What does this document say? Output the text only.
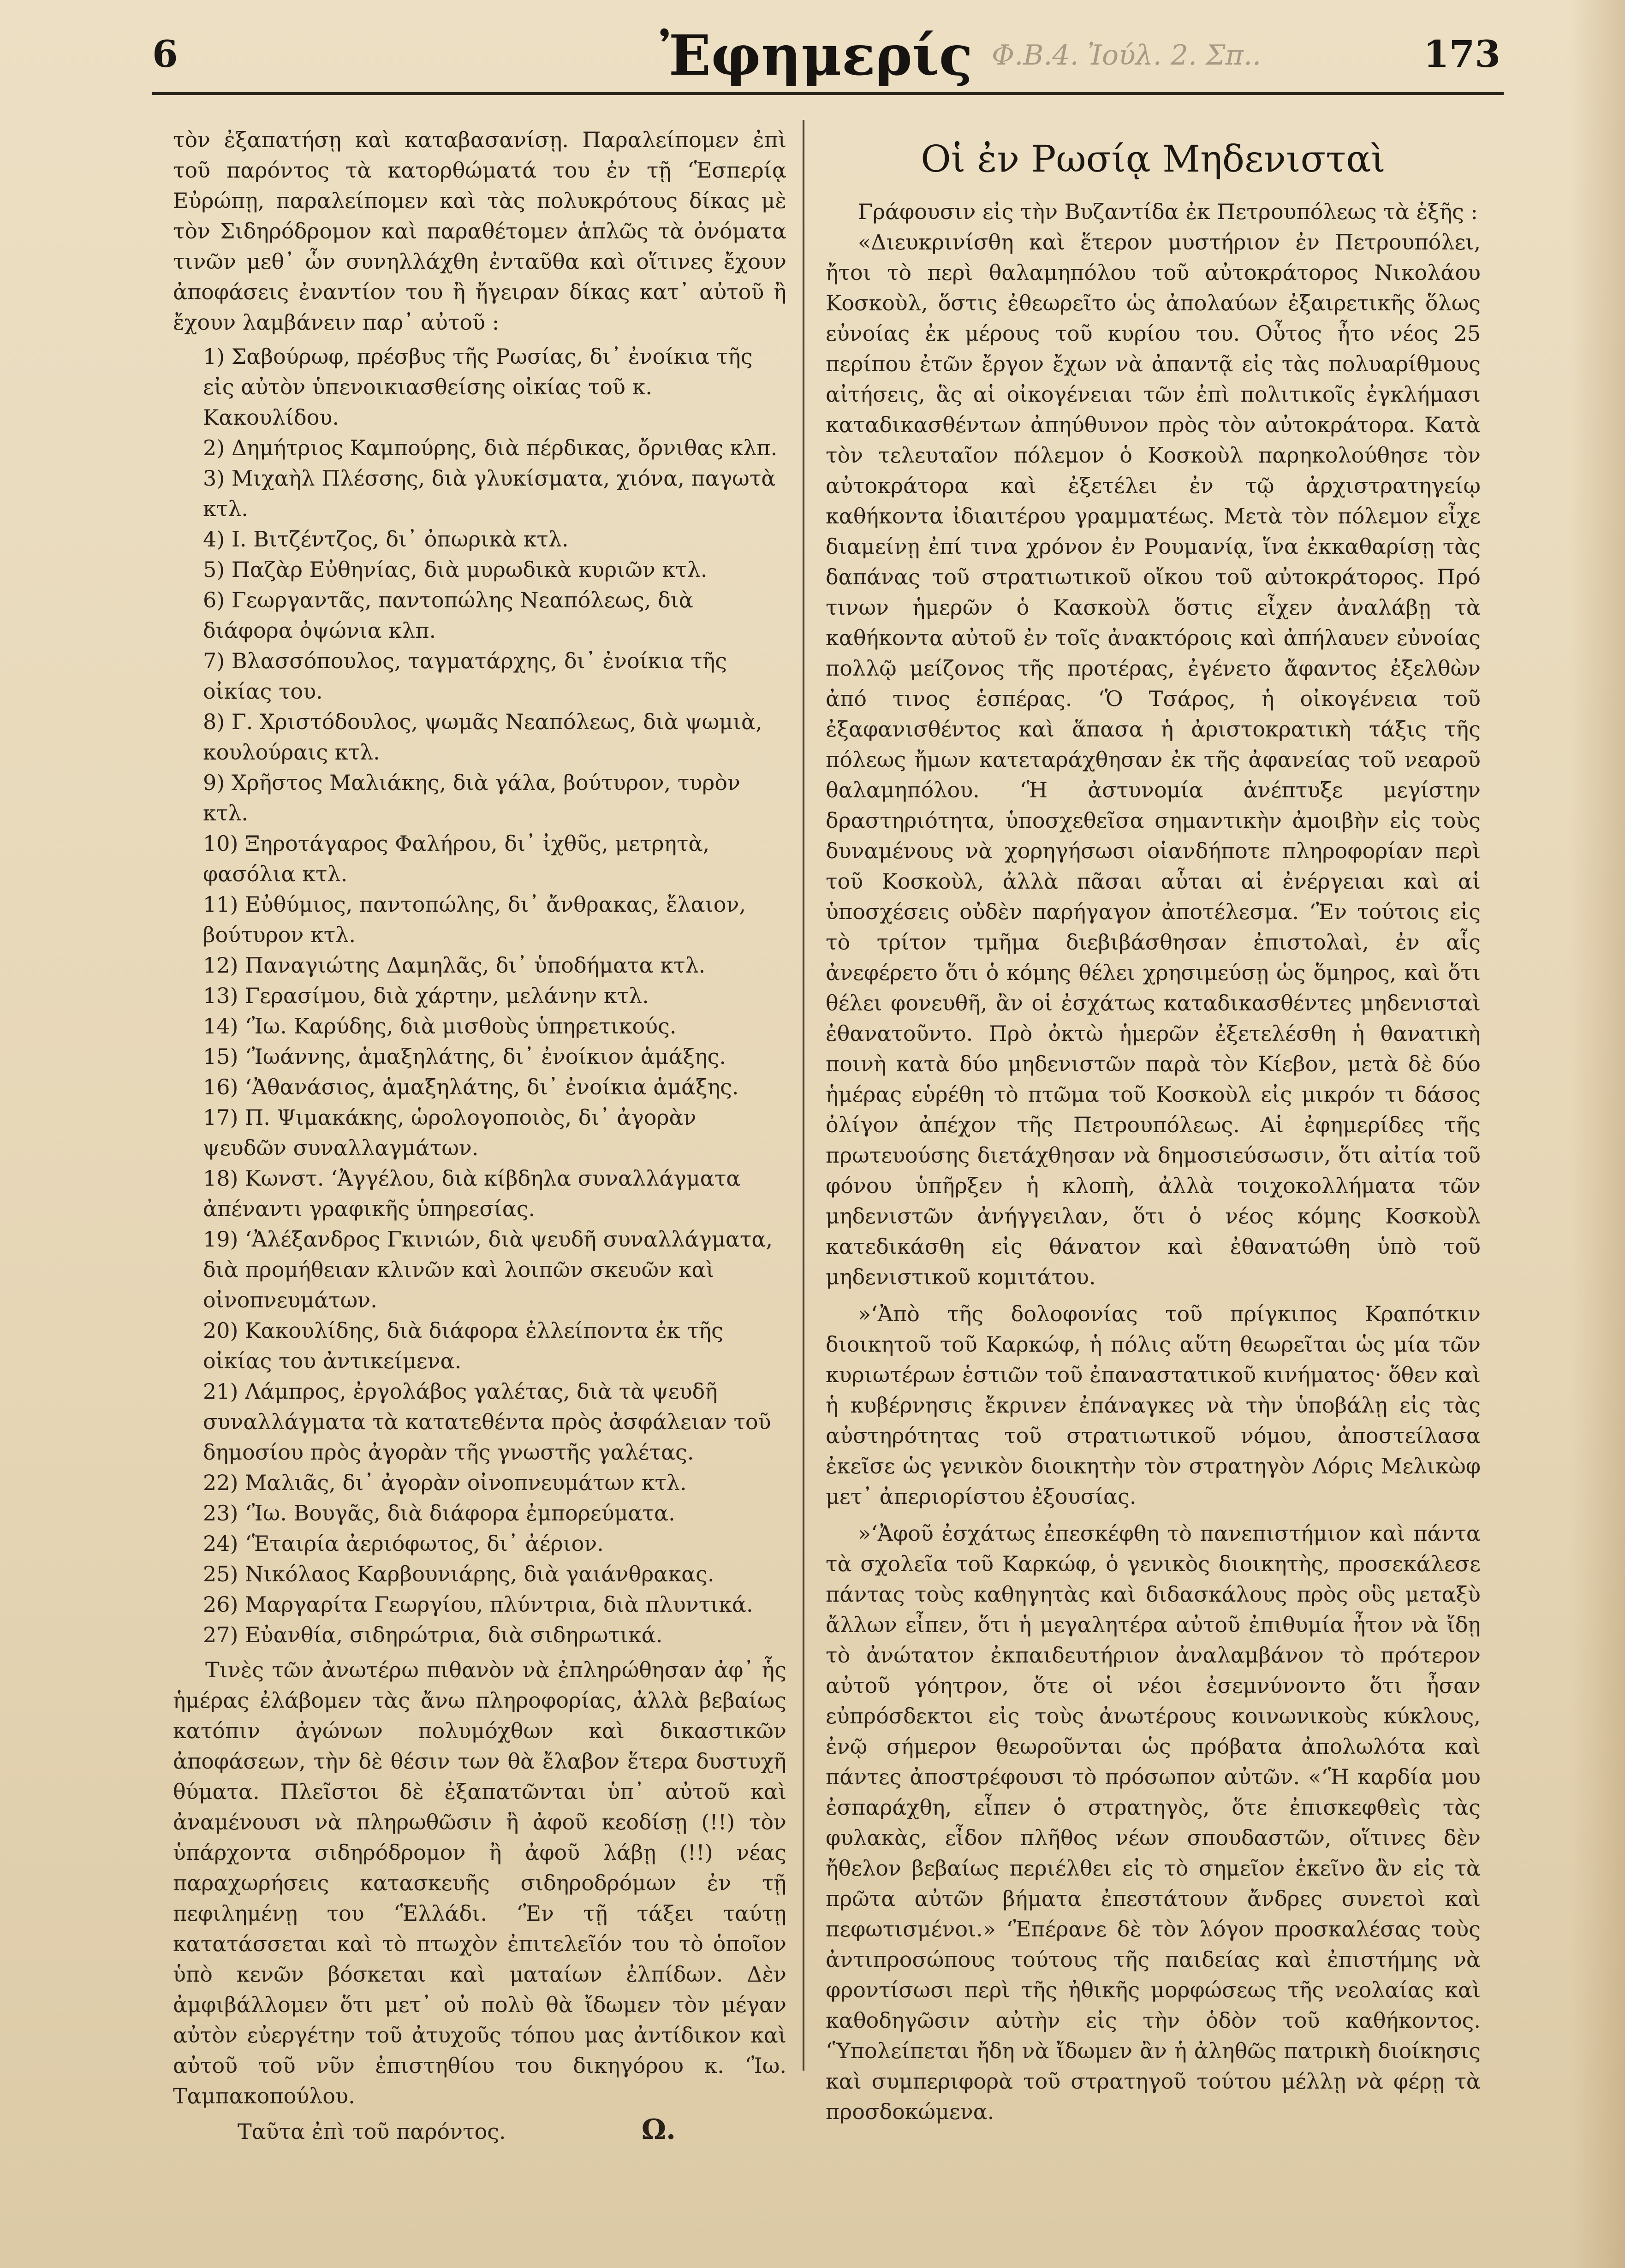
6	Ἐφημερίς Φ.Β.4. Ἰούλ. 2. Σπ..	173

τὸν ἐξαπατήσῃ καὶ καταβασανίσῃ. Παραλείπομεν ἐπὶ τοῦ παρόντος τὰ κατορθώματά του ἐν τῇ ‘Ἑσπερίᾳ Εὐρώπῃ, παραλείπομεν καὶ τὰς πολυκρότους δίκας μὲ τὸν Σιδηρόδρομον καὶ παραθέτομεν ἁπλῶς τὰ ὀνόματα τινῶν μεθ᾽ ὧν συνηλλάχθη ἐνταῦθα καὶ οἵτινες ἔχουν ἀποφάσεις ἐναντίον του ἢ ἤγειραν δίκας κατ᾽ αὐτοῦ ἢ ἔχουν λαμβάνειν παρ᾽ αὐτοῦ :

1) Σαβούρωφ, πρέσβυς τῆς Ρωσίας, δι᾽ ἐνοίκια τῆς εἰς αὐτὸν ὑπενοικιασθείσης οἰκίας τοῦ κ. Κακουλίδου.
2) Δημήτριος Καμπούρης, διὰ πέρδικας, ὄρνιθας κλπ.
3) Μιχαὴλ Πλέσσης, διὰ γλυκίσματα, χιόνα, παγωτὰ κτλ.
4) Ι. Βιτζέντζος, δι᾽ ὀπωρικὰ κτλ.
5) Παζὰρ Εὐθηνίας, διὰ μυρωδικὰ κυριῶν κτλ.
6) Γεωργαντᾶς, παντοπώλης Νεαπόλεως, διὰ διάφορα ὀψώνια κλπ.
7) Βλασσόπουλος, ταγματάρχης, δι᾽ ἐνοίκια τῆς οἰκίας του.
8) Γ. Χριστόδουλος, ψωμᾶς Νεαπόλεως, διὰ ψωμιὰ, κουλούραις κτλ.
9) Χρῆστος Μαλιάκης, διὰ γάλα, βούτυρον, τυρὸν κτλ.
10) Ξηροτάγαρος Φαλήρου, δι᾽ ἰχθῦς, μετρητὰ, φασόλια κτλ.
11) Εὐθύμιος, παντοπώλης, δι᾽ ἄνθρακας, ἔλαιον, βούτυρον κτλ.
12) Παναγιώτης Δαμηλᾶς, δι᾽ ὑποδήματα κτλ.
13) Γερασίμου, διὰ χάρτην, μελάνην κτλ.
14) ‘Ἰω. Καρύδης, διὰ μισθοὺς ὑπηρετικούς.
15) ‘Ἰωάννης, ἁμαξηλάτης, δι᾽ ἐνοίκιον ἁμάξης.
16) ‘Ἀθανάσιος, ἁμαξηλάτης, δι᾽ ἐνοίκια ἁμάξης.
17) Π. Ψιμακάκης, ὡρολογοποιὸς, δι᾽ ἀγορὰν ψευδῶν συναλλαγμάτων.
18) Κωνστ. ‘Ἀγγέλου, διὰ κίβδηλα συναλλάγματα ἀπέναντι γραφικῆς ὑπηρεσίας.
19) ‘Ἀλέξανδρος Γκινιών, διὰ ψευδῆ συναλλάγματα, διὰ προμήθειαν κλινῶν καὶ λοιπῶν σκευῶν καὶ οἰνοπνευμάτων.
20) Κακουλίδης, διὰ διάφορα ἐλλείποντα ἐκ τῆς οἰκίας του ἀντικείμενα.
21) Λάμπρος, ἐργολάβος γαλέτας, διὰ τὰ ψευδῆ συναλλάγματα τὰ κατατεθέντα πρὸς ἀσφάλειαν τοῦ δημοσίου πρὸς ἀγορὰν τῆς γνωστῆς γαλέτας.
22) Μαλιᾶς, δι᾽ ἀγορὰν οἰνοπνευμάτων κτλ.
23) ‘Ἰω. Βουγᾶς, διὰ διάφορα ἐμπορεύματα.
24) ‘Ἑταιρία ἀεριόφωτος, δι᾽ ἀέριον.
25) Νικόλαος Καρβουνιάρης, διὰ γαιάνθρακας.
26) Μαργαρίτα Γεωργίου, πλύντρια, διὰ πλυντικά.
27) Εὐανθία, σιδηρώτρια, διὰ σιδηρωτικά.

Τινὲς τῶν ἀνωτέρω πιθανὸν νὰ ἐπληρώθησαν ἀφ᾽ ἧς ἡμέρας ἐλάβομεν τὰς ἄνω πληροφορίας, ἀλλὰ βεβαίως κατόπιν ἀγώνων πολυμόχθων καὶ δικαστικῶν ἀποφάσεων, τὴν δὲ θέσιν των θὰ ἔλαβον ἕτερα δυστυχῆ θύματα. Πλεῖστοι δὲ ἐξαπατῶνται ὑπ᾽ αὐτοῦ καὶ ἀναμένουσι νὰ πληρωθῶσιν ἢ ἀφοῦ κεοδίσῃ (!!) τὸν ὑπάρχοντα σιδηρόδρομον ἢ ἀφοῦ λάβῃ (!!) νέας παραχωρήσεις κατασκευῆς σιδηροδρόμων ἐν τῇ πεφιλημένῃ του ‘Ἑλλάδι. ‘Ἐν τῇ τάξει ταύτῃ κατατάσσεται καὶ τὸ πτωχὸν ἐπιτελεῖόν του τὸ ὁποῖον ὑπὸ κενῶν βόσκεται καὶ ματαίων ἐλπίδων. Δὲν ἀμφιβάλλομεν ὅτι μετ᾽ οὐ πολὺ θὰ ἴδωμεν τὸν μέγαν αὐτὸν εὐεργέτην τοῦ ἀτυχοῦς τόπου μας ἀντίδικον καὶ αὐτοῦ τοῦ νῦν ἐπιστηθίου του δικηγόρου κ. ‘Ἰω. Ταμπακοπούλου.

Ταῦτα ἐπὶ τοῦ παρόντος.	Ω.
Οἱ ἐν Ρωσίᾳ Μηδενισταὶ

Γράφουσιν εἰς τὴν Βυζαντίδα ἐκ Πετρουπόλεως τὰ ἑξῆς :

«Διευκρινίσθη καὶ ἕτερον μυστήριον ἐν Πετρουπόλει, ἤτοι τὸ περὶ θαλαμηπόλου τοῦ αὐτοκράτορος Νικολάου Κοσκοὺλ, ὅστις ἐθεωρεῖτο ὡς ἀπολαύων ἐξαιρετικῆς ὅλως εὐνοίας ἐκ μέρους τοῦ κυρίου του. Οὗτος ἦτο νέος 25 περίπου ἐτῶν ἔργον ἔχων νὰ ἀπαντᾷ εἰς τὰς πολυαρίθμους αἰτήσεις, ἃς αἱ οἰκογένειαι τῶν ἐπὶ πολιτικοῖς ἐγκλήμασι καταδικασθέντων ἀπηύθυνον πρὸς τὸν αὐτοκράτορα. Κατὰ τὸν τελευταῖον πόλεμον ὁ Κοσκοὺλ παρηκολούθησε τὸν αὐτοκράτορα καὶ ἐξετέλει ἐν τῷ ἀρχιστρατηγείῳ καθήκοντα ἰδιαιτέρου γραμματέως. Μετὰ τὸν πόλεμον εἶχε διαμείνῃ ἐπί τινα χρόνον ἐν Ρουμανίᾳ, ἵνα ἐκκαθαρίσῃ τὰς δαπάνας τοῦ στρατιωτικοῦ οἴκου τοῦ αὐτοκράτορος. Πρό τινων ἡμερῶν ὁ Κασκοὺλ ὅστις εἶχεν ἀναλάβῃ τὰ καθήκοντα αὐτοῦ ἐν τοῖς ἀνακτόροις καὶ ἀπήλαυεν εὐνοίας πολλῷ μείζονος τῆς προτέρας, ἐγένετο ἄφαντος ἐξελθὼν ἀπό τινος ἑσπέρας. ‘Ὁ Τσάρος, ἡ οἰκογένεια τοῦ ἐξαφανισθέντος καὶ ἅπασα ἡ ἀριστοκρατικὴ τάξις τῆς πόλεως ἤμων κατεταράχθησαν ἐκ τῆς ἀφανείας τοῦ νεαροῦ θαλαμηπόλου. ‘Ἡ ἀστυνομία ἀνέπτυξε μεγίστην δραστηριότητα, ὑποσχεθεῖσα σημαντικὴν ἀμοιβὴν εἰς τοὺς δυναμένους νὰ χορηγήσωσι οἱανδήποτε πληροφορίαν περὶ τοῦ Κοσκοὺλ, ἀλλὰ πᾶσαι αὗται αἱ ἐνέργειαι καὶ αἱ ὑποσχέσεις οὐδὲν παρήγαγον ἀποτέλεσμα. ‘Ἐν τούτοις εἰς τὸ τρίτον τμῆμα διεβιβάσθησαν ἐπιστολαὶ, ἐν αἷς ἀνεφέρετο ὅτι ὁ κόμης θέλει χρησιμεύσῃ ὡς ὅμηρος, καὶ ὅτι θέλει φονευθῆ, ἂν οἱ ἐσχάτως καταδικασθέντες μηδενισταὶ ἐθανατοῦντο. Πρὸ ὀκτὼ ἡμερῶν ἐξετελέσθη ἡ θανατικὴ ποινὴ κατὰ δύο μηδενιστῶν παρὰ τὸν Κίεβον, μετὰ δὲ δύο ἡμέρας εὑρέθη τὸ πτῶμα τοῦ Κοσκοὺλ εἰς μικρόν τι δάσος ὀλίγον ἀπέχον τῆς Πετρουπόλεως. Αἱ ἐφημερίδες τῆς πρωτευούσης διετάχθησαν νὰ δημοσιεύσωσιν, ὅτι αἰτία τοῦ φόνου ὑπῆρξεν ἡ κλοπὴ, ἀλλὰ τοιχοκολλήματα τῶν μηδενιστῶν ἀνήγγειλαν, ὅτι ὁ νέος κόμης Κοσκοὺλ κατεδικάσθη εἰς θάνατον καὶ ἐθανατώθη ὑπὸ τοῦ μηδενιστικοῦ κομιτάτου.

»‘Ἀπὸ τῆς δολοφονίας τοῦ πρίγκιπος Κραπότκιν διοικητοῦ τοῦ Καρκώφ, ἡ πόλις αὕτη θεωρεῖται ὡς μία τῶν κυριωτέρων ἑστιῶν τοῦ ἐπαναστατικοῦ κινήματος· ὅθεν καὶ ἡ κυβέρνησις ἔκρινεν ἐπάναγκες νὰ τὴν ὑποβάλῃ εἰς τὰς αὐστηρότητας τοῦ στρατιωτικοῦ νόμου, ἀποστείλασα ἐκεῖσε ὡς γενικὸν διοικητὴν τὸν στρατηγὸν Λόρις Μελικὼφ μετ᾽ ἀπεριορίστου ἐξουσίας.

»‘Ἀφοῦ ἐσχάτως ἐπεσκέφθη τὸ πανεπιστήμιον καὶ πάντα τὰ σχολεῖα τοῦ Καρκώφ, ὁ γενικὸς διοικητὴς, προσεκάλεσε πάντας τοὺς καθηγητὰς καὶ διδασκάλους πρὸς οὓς μεταξὺ ἄλλων εἶπεν, ὅτι ἡ μεγαλητέρα αὐτοῦ ἐπιθυμία ἦτον νὰ ἴδῃ τὸ ἀνώτατον ἐκπαιδευτήριον ἀναλαμβάνον τὸ πρότερον αὐτοῦ γόητρον, ὅτε οἱ νέοι ἐσεμνύνοντο ὅτι ἦσαν εὐπρόσδεκτοι εἰς τοὺς ἀνωτέρους κοινωνικοὺς κύκλους, ἐνῷ σήμερον θεωροῦνται ὡς πρόβατα ἀπολωλότα καὶ πάντες ἀποστρέφουσι τὸ πρόσωπον αὐτῶν. «‘Ἡ καρδία μου ἐσπαράχθη, εἶπεν ὁ στρατηγὸς, ὅτε ἐπισκεφθεὶς τὰς φυλακὰς, εἶδον πλῆθος νέων σπουδαστῶν, οἵτινες δὲν ἤθελον βεβαίως περιέλθει εἰς τὸ σημεῖον ἐκεῖνο ἂν εἰς τὰ πρῶτα αὐτῶν βήματα ἐπεστάτουν ἄνδρες συνετοὶ καὶ πεφωτισμένοι.» ‘Ἐπέρανε δὲ τὸν λόγον προσκαλέσας τοὺς ἀντιπροσώπους τούτους τῆς παιδείας καὶ ἐπιστήμης νὰ φροντίσωσι περὶ τῆς ἠθικῆς μορφώσεως τῆς νεολαίας καὶ καθοδηγῶσιν αὐτὴν εἰς τὴν ὁδὸν τοῦ καθήκοντος. ‘Ὑπολείπεται ἤδη νὰ ἴδωμεν ἂν ἡ ἀληθῶς πατρικὴ διοίκησις καὶ συμπεριφορὰ τοῦ στρατηγοῦ τούτου μέλλῃ νὰ φέρῃ τὰ προσδοκώμενα.
